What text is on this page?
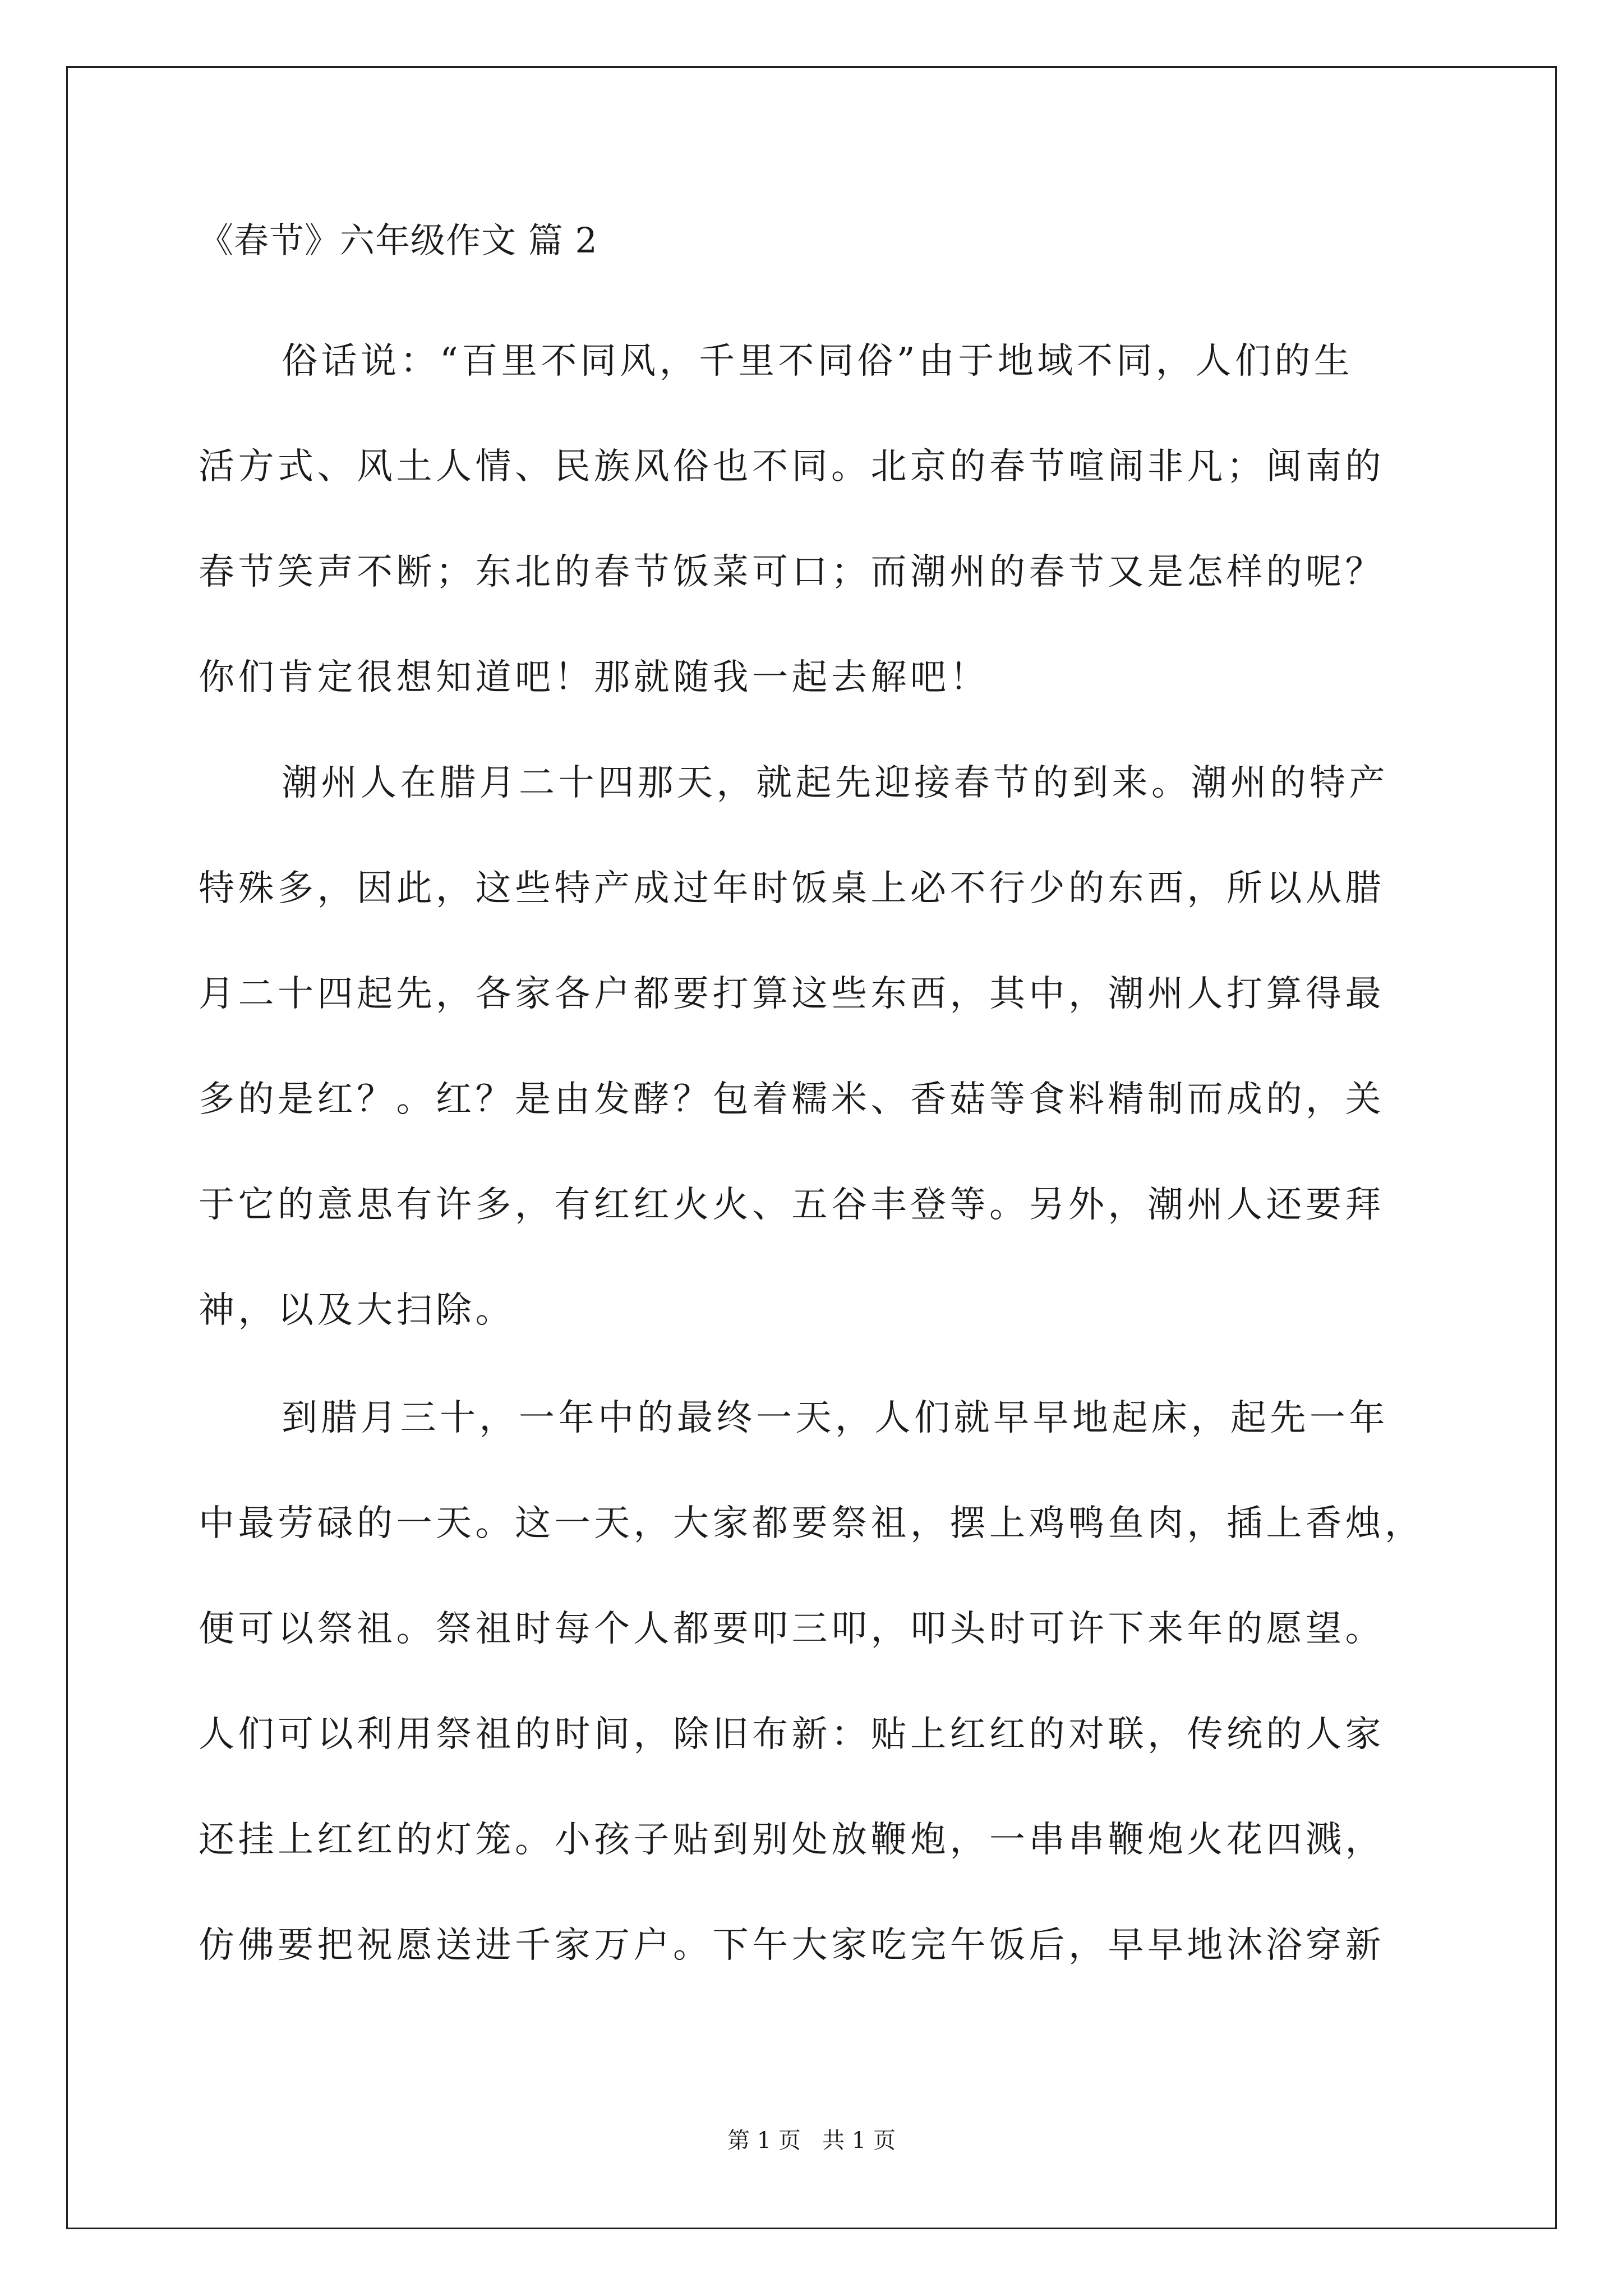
《春节》六年级作文 篇 2
俗话说：“百里不同风，千里不同俗”由于地域不同，人们的生
活方式、风土人情、民族风俗也不同。北京的春节喧闹非凡；闽南的
春节笑声不断；东北的春节饭菜可口；而潮州的春节又是怎样的呢？
你们肯定很想知道吧！那就随我一起去解吧！
潮州人在腊月二十四那天，就起先迎接春节的到来。潮州的特产
特殊多，因此，这些特产成过年时饭桌上必不行少的东西，所以从腊
月二十四起先，各家各户都要打算这些东西，其中，潮州人打算得最
多的是红？。红？是由发酵？包着糯米、香菇等食料精制而成的，关
于它的意思有许多，有红红火火、五谷丰登等。另外，潮州人还要拜
神，以及大扫除。
到腊月三十，一年中的最终一天，人们就早早地起床，起先一年
中最劳碌的一天。这一天，大家都要祭祖，摆上鸡鸭鱼肉，插上香烛，
便可以祭祖。祭祖时每个人都要叩三叩，叩头时可许下来年的愿望。
人们可以利用祭祖的时间，除旧布新：贴上红红的对联，传统的人家
还挂上红红的灯笼。小孩子贴到别处放鞭炮，一串串鞭炮火花四溅，
仿佛要把祝愿送进千家万户。下午大家吃完午饭后，早早地沐浴穿新
第 1 页   共 1 页
